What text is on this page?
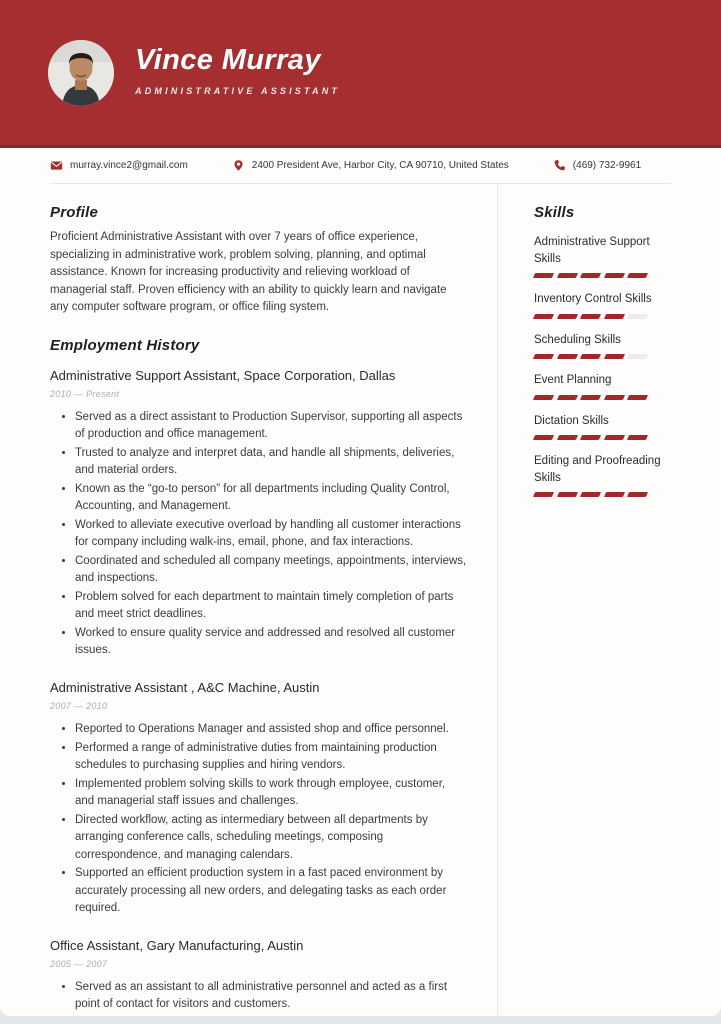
Vince Murray
ADMINISTRATIVE ASSISTANT
murray.vince2@gmail.com	2400 President Ave, Harbor City, CA 90710, United States	(469) 732-9961
Profile
Proficient Administrative Assistant with over 7 years of office experience, specializing in administrative work, problem solving, planning, and optimal assistance. Known for increasing productivity and relieving workload of managerial staff. Proven efficiency with an ability to quickly learn and navigate any computer software program, or office filing system.
Employment History
Administrative Support Assistant, Space Corporation, Dallas
2010 — Present
• Served as a direct assistant to Production Supervisor, supporting all aspects of production and office management.
• Trusted to analyze and interpret data, and handle all shipments, deliveries, and material orders.
• Known as the “go-to person” for all departments including Quality Control, Accounting, and Management.
• Worked to alleviate executive overload by handling all customer interactions for company including walk-ins, email, phone, and fax interactions.
• Coordinated and scheduled all company meetings, appointments, interviews, and inspections.
• Problem solved for each department to maintain timely completion of parts and meet strict deadlines.
• Worked to ensure quality service and addressed and resolved all customer issues.
Administrative Assistant , A&C Machine, Austin
2007 — 2010
• Reported to Operations Manager and assisted shop and office personnel.
• Performed a range of administrative duties from maintaining production schedules to purchasing supplies and hiring vendors.
• Implemented problem solving skills to work through employee, customer, and managerial staff issues and challenges.
• Directed workflow, acting as intermediary between all departments by arranging conference calls, scheduling meetings, composing correspondence, and managing calendars.
• Supported an efficient production system in a fast paced environment by accurately processing all new orders, and delegating tasks as each order required.
Office Assistant, Gary Manufacturing, Austin
2005 — 2007
• Served as an assistant to all administrative personnel and acted as a first point of contact for visitors and customers.
Skills
Administrative Support Skills
Inventory Control Skills
Scheduling Skills
Event Planning
Dictation Skills
Editing and Proofreading Skills
